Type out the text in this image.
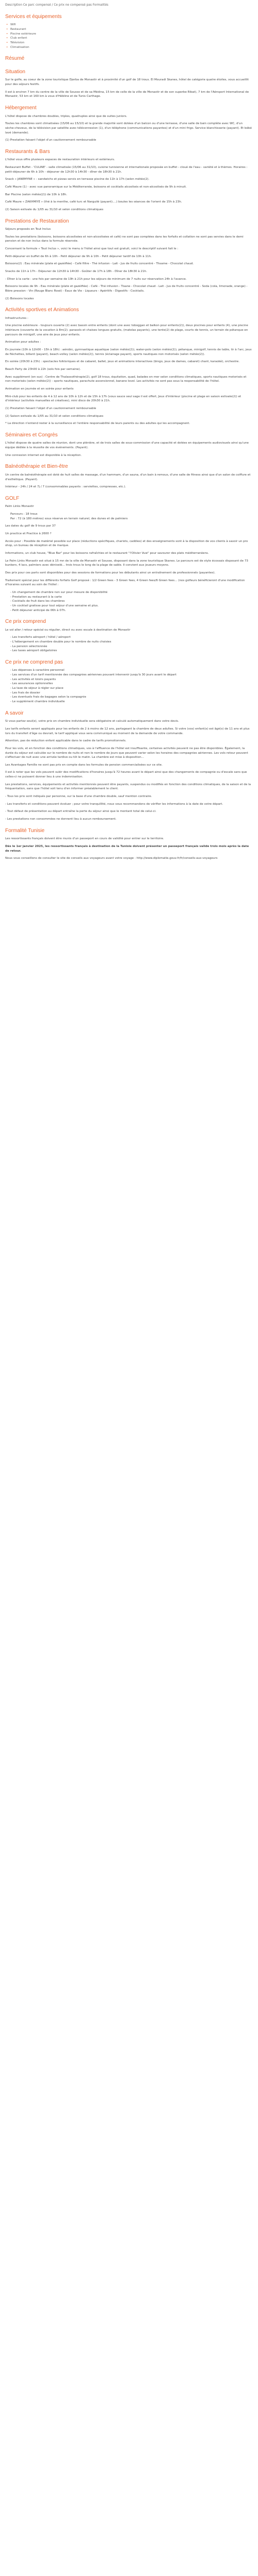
Description Ce parc compensé / Ce prix ne compensé pas Formalités
Services et équipements
• Wifi
• Restaurant
• Piscine extérieure
• Club enfant
• Télévision
• Climatisation
Résumé
Situation

Sur le golfe, au coeur de la zone touristique Djerba de Monastir et à proximité d'un golf de 18 trous. El Mouradi Skanes, hôtel de catégorie quatre étoiles, vous accueillit pour des séjours festifs.

Il est à environ 7 km du centre de la ville de Sousse et de sa Médina, 15 km de celle de la ville de Monastir et de son superbe Ribat), 7 km de l'Aéroport International de Monastir, 53 km et 160 km à vous d'Hébline et de Tunis Carthage.

Hébergement

L'hôtel dispose de chambres doubles, triples, quadruples ainsi que de suites juniors.

Toutes les chambres sont climatisées (15/06 au 15/10) et la grande majorité sont dotées d'un balcon ou d'une terrasse, d'une salle de bain complète avec WC, d'un sèche-cheveux, de la télévision par satellite avec téléconnexion (1), d'un téléphone (communications payantes) et d'un mini frigo. Service blanchisserie (payant). Et bébé lavé (demande).

(1) Prestation faisant l'objet d'un cautionnement remboursable

Restaurants & Bars

L'hôtel vous offre plusieurs espaces de restauration intérieurs et extérieurs.

Restaurant Buffet - 'CULINE' - salle climatisée (15/06 au 31/10), cuisine tunisienne et internationale proposée en buffet - cloué de l'eau - variété et à thèmes. Horaires : petit-déjeuner de 6h à 10h - déjeuner de 12h30 à 14h30 - dîner de 18h30 à 21h.

Snack « JANEMYNE » - sandwichs et pizzas servis en terrasse piscine de 11h à 17h (selon météo(2).

Café Maure (1) - avec vue panoramique sur la Méditerranée, boissons et cocktails alcoolisés et non-alcoolisés de 9h à minuit.

Bar Piscine (selon météo(2)) de 10h à 18h.

Café Maure « ZAKHMIYE » (thé à la menthe, café turc et Narguilé (payant)....) boules les séances de l'orient de 15h à 23h.

(2) Saison estivale du 1/05 au 31/10 et selon conditions climatiques

Prestations de Restauration

Séjours proposés en Tout Inclus

Toutes les prestations (boissons, boissons alcoolisées et non-alcoolisées et café) ne sont pas comptées dans les forfaits et collation ne sont pas servies dans le demi pension et de non inclus dans la formule réservée.

Concernant la formule « Tout Inclus », voici le menu à l'hôtel ainsi que tout est gratuit, voici le descriptif suivant fait le :

Petit-déjeuner en buffet de 6h à 10h - Petit déjeuner de 9h à 10h - Petit déjeuner tardif de 10h à 11h.

Boissons(2) : Eau minérale (plate et gazéifiée) - Café filtre - Thé infusion - Lait - Jus de fruits concentré - Thsame - Chocolat chaud.

Snacks de 11h à 17h - Déjeuner de 12h30 à 14h30 - Goûter de 17h à 18h - Dîner de 18h30 à 21h.

- Dîner à la carte : une fois par semaine de 19h à 21h pour les séjours de minimum de 7 nuits sur réservation 24h à l'avance.

Boissons locales de 9h - Eau minérale (plate et gazéifiée) - Café - Thé infusion - Tisane - Chocolat chaud - Lait - Jus de fruits concentré - Soda (cola, limonade, orange) - Bière pression - Vin (Rouge Blanc Rosé) - Eaux de Vie - Liqueurs - Apéritifs - Digestifs - Cocktails.

(2) Boissons locales

Activités sportives et Animations

Infrastructures :

Une piscine extérieure - toujours ouverte (2) avec bassin entre enfants (dont une avec toboggan et balkon pour enfants(2)), deux piscines pour enfants (4), une piscine intérieure (couverte de la vocation à 8m(2). parasols et chaises longues gratuits, (matelas payants), une tente(2) de plage, courts de tennis, un terrain de pétanque en parcours de minigolf, une aire de jeux pour enfants.

Animation pour adultes :

En journée (10h à 12h00 - 15h à 18h) : aérobic, gymnastique aquatique (selon météo(2)), water-polo (selon météo(2)), pétanque, minigolf, tennis de table, tir à l'arc, jeux de fléchettes, billard (payant), beach-volley (selon météo(2)), tennis (éclairage payant), sports nautiques non motorisés (selon météo(2)).

En soirée (20h30 à 23h) : spectacles folkloriques et de cabaret, ballet, jeux et animations interactives (bingo, jeux de dames, cabaret) chant, karaoké), orchestre.

Beach Party de 23h00 à 22h (sols fois par semaine).

Avec supplément (en sus) : Centre de Thalassothérapie(2), golf 18 trous, équitation, quad, balades en mer selon conditions climatiques, sports nautiques motorisés et non-motorisés (selon météo(2)) - sports nautiques, parachute ascensionnel, banane lovel. Les activités ne sont pas sous la responsabilité de l'hôtel.

Animation en journée et en soirée pour enfants

Mini-club pour les enfants de 4 à 12 ans de 10h à 12h et de 15h à 17h (vous sauce seul sage il est offert, Jeux d'intérieur (piscine et plage en saison estivale(2)) et d'intérieur (activités manuelles et créatives), mini disco de 20h30 à 21h.

(1) Prestation faisant l'objet d'un cautionnement remboursable

(2) Saison estivale du 1/05 au 31/10 et selon conditions climatiques

* La direction n'entend rester à la surveillance et l'entière responsabilité de leurs parents ou des adultes qui les accompagnent.

Séminaires et Congrès

L'hôtel dispose de quatre salles de réunion, dont une plénière, et de trois salles de sous-commission d'une capacité et dotées en équipements audiovisuels ainsi qu'une équipe dédiée à la réussite de vos événements. (Payant).

Une connexion internet est disponible à la réception.

Balnéothérapie et Bien-être

Un centre de balnéothérapie est doté de huit salles de massage, d'un hammam, d'un sauna, d'un bain à remous, d'une salle de fitness ainsi que d'un salon de coiffure et d'esthétique. (Payant).

Intérieur - 24h / 24 et 7j / 7 (consommables payants : serviettes, compresses, etc.).

GOLF

Palm Links Monastir

Parcours : 18 trous
Par : 72 (à 180 mètres) sous réserve en terrain naturel, des dunes et de palmiers

Les dates du golf de 9 trous par 37

Un practice et Practice à 2600 ?

Accès pour : Possible de matériel possible sur place (réductions spécifiques, chariots, caddies) et des enseignements sont à la disposition de vos clients à savoir un pro shop, un bureau de réception et de marque.

Informations, un club house, "Blue Bar" pour les boissons rafraîchies et le restaurant "l'Olivier Vuw" pour savourer des plats méditerranéens.

Le Palm Links Monastir est situé à 15 mn de la ville de Monastir et Sousse, disposant dans la zone touristique Skanes. Le parcours est de style écossais disposant de 73 bunkers, 4 lacs, palmiers avec dénivelé... trois trous le long de la plage de sable. Il convient aux joueurs moyens.

Des prix pour ces parts sont disponibles pour des sessions de formations pour les débutants ainsi un entraînement de professionnels (payantes).

Traitement spécial pour les différents forfaits Golf proposé : 1/2 Green fees - 3 Green fees, 4 Green fees/6 Green fees... (nos golfeurs bénéficieront d'une modification d'horaires suivant au soin de l'hôtel :

- Un changement de chambre non sur pour mesure de disponibilité
- Prestation au restaurant à la carte
- Cocktails de fruit dans les chambres
- Un cocktail gratisse pour tout séjour d'une semaine et plus.
- Petit déjeuner anticipé de 06h à 07h.
Ce prix comprend

Le vol aller / retour spécial ou régulier, direct ou avec escale à destination de Monastir

- Les transferts aéroport / hôtel / aéroport
- L'hébergement en chambre double pour le nombre de nuits choisies
- La pension sélectionnée
- Les taxes aéroport obligatoires
Ce prix ne comprend pas
- Les dépenses à caractère personnel
- Les services d'un tarif mentionnée des compagnies aériennes pouvant intervenir jusqu'à 30 jours avant le départ
- Les activités et loisirs payants
- Les assurances optionnelles
- La taxe de séjour à régler sur place
- Les frais de dossier
- Les éventuels frais de bagages selon la compagnie
- Le supplément chambre individuelle
A savoir

Si vous partez seul(e), votre prix en chambre individuelle sera obligatoire et calculé automatiquement dans votre devis.

Les tarifs enfants seront appliqués pour les enfants de 2 à moins de 12 ans, partageant la chambre de deux adultes. Si votre (vos) enfant(s) est âgé(s) de 11 ans et plus lors du transfert d'âge ou devrait, le tarif appliqué vous sera communiqué au moment de la demande de votre commande.

Attention, pas de réduction enfant applicable dans le cadre de tarifs promotionnels.

Pour les vols, et en fonction des conditions climatiques, vos à l'affluence de l'hôtel est insuffisante, certaines activités peuvent ne pas être disponibles. Également, la durée du séjour est calculée sur le nombre de nuits et non le nombre de jours que peuvent varier selon les horaires des compagnies aériennes. Les vols retour peuvent s'effectuer de nuit avec une arrivée tardive ou tôt le matin. La chambre est mise à disposition...

Les Avantages Famille ne sont pas pris en compte dans les formules de pension commercialisées sur ce site.

Il est à noter que les vols peuvent subir des modifications d'horaires jusqu'à 72 heures avant le départ ainsi que des changements de compagnie ou d'escale sans que celles-ci ne puissent donner lieu à une indemnisation.

Les prestations, services, équipements et activités mentionnés peuvent être payants, suspendus ou modifiés en fonction des conditions climatiques, de la saison et de la fréquentation, sans que l'hôtel soit tenu d'en informer préalablement le client.

- Tous les prix sont indiqués par personne, sur la base d'une chambre double, sauf mention contraire.

- Les transferts et conditions peuvent évoluer ; pour votre tranquillité, nous vous recommandons de vérifier les informations à la date de votre départ.

- Tout défaut de présentation au départ entraîne la perte du séjour ainsi que le montant total de celui-ci.

- Les prestations non consommées ne donnent lieu à aucun remboursement.

Formalité Tunisie

Les ressortissants français doivent être munis d'un passeport en cours de validité pour entrer sur le territoire.

Dès le 1er janvier 2025, les ressortissants français à destination de la Tunisie doivent présenter un passeport français valide trois mois après la date de retour.

Nous vous conseillons de consulter le site de conseils aux voyageurs avant votre voyage : http://www.diplomatie.gouv.fr/fr/conseils-aux-voyageurs
